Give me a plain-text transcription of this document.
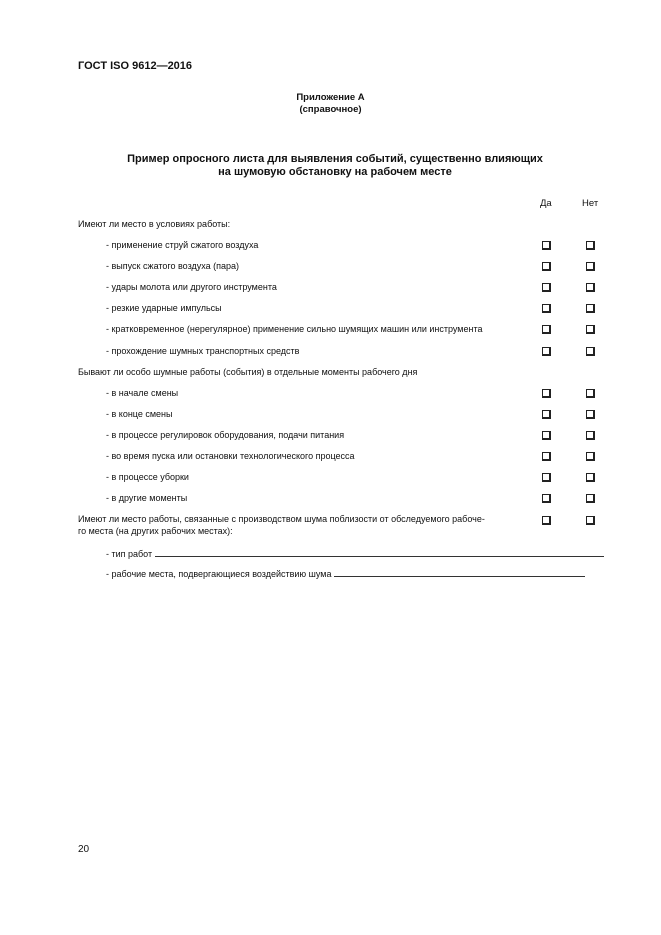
ГОСТ ISO 9612—2016
Приложение А
(справочное)
Пример опросного листа для выявления событий, существенно влияющих
на шумовую обстановку на рабочем месте
Да	Нет
Имеют ли место в условиях работы:
- применение струй сжатого воздуха
- выпуск сжатого воздуха (пара)
- удары молота или другого инструмента
- резкие ударные импульсы
- кратковременное (нерегулярное) применение сильно шумящих машин или инструмента
- прохождение шумных транспортных средств
Бывают ли особо шумные работы (события) в отдельные моменты рабочего дня
- в начале смены
- в конце смены
- в процессе регулировок оборудования, подачи питания
- во время пуска или остановки технологического процесса
- в процессе уборки
- в другие моменты
Имеют ли место работы, связанные с производством шума поблизости от обследуемого рабоче-
го места (на других рабочих местах):
- тип работ
- рабочие места, подвергающиеся воздействию шума
20
